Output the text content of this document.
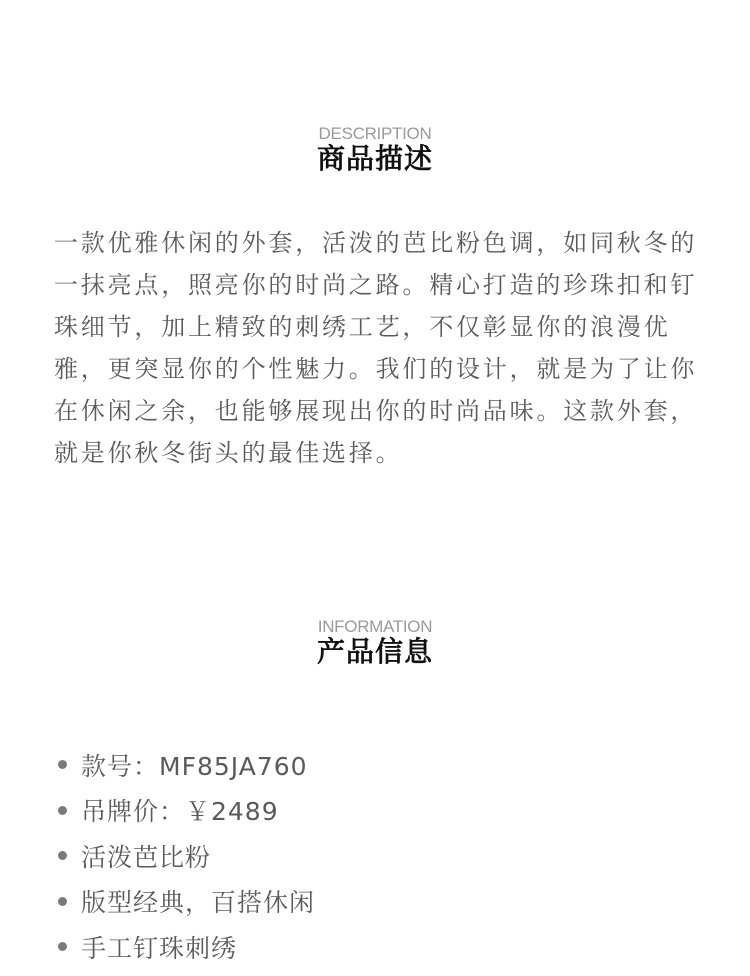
DESCRIPTION
商品描述

一款优雅休闲的外套，活泼的芭比粉色调，如同秋冬的一抹亮点，照亮你的时尚之路。精心打造的珍珠扣和钉珠细节，加上精致的刺绣工艺，不仅彰显你的浪漫优雅，更突显你的个性魅力。我们的设计，就是为了让你在休闲之余，也能够展现出你的时尚品味。这款外套，就是你秋冬街头的最佳选择。

INFORMATION
产品信息
款号：MF85JA760
吊牌价：￥2489
活泼芭比粉
版型经典，百搭休闲
手工钉珠刺绣
